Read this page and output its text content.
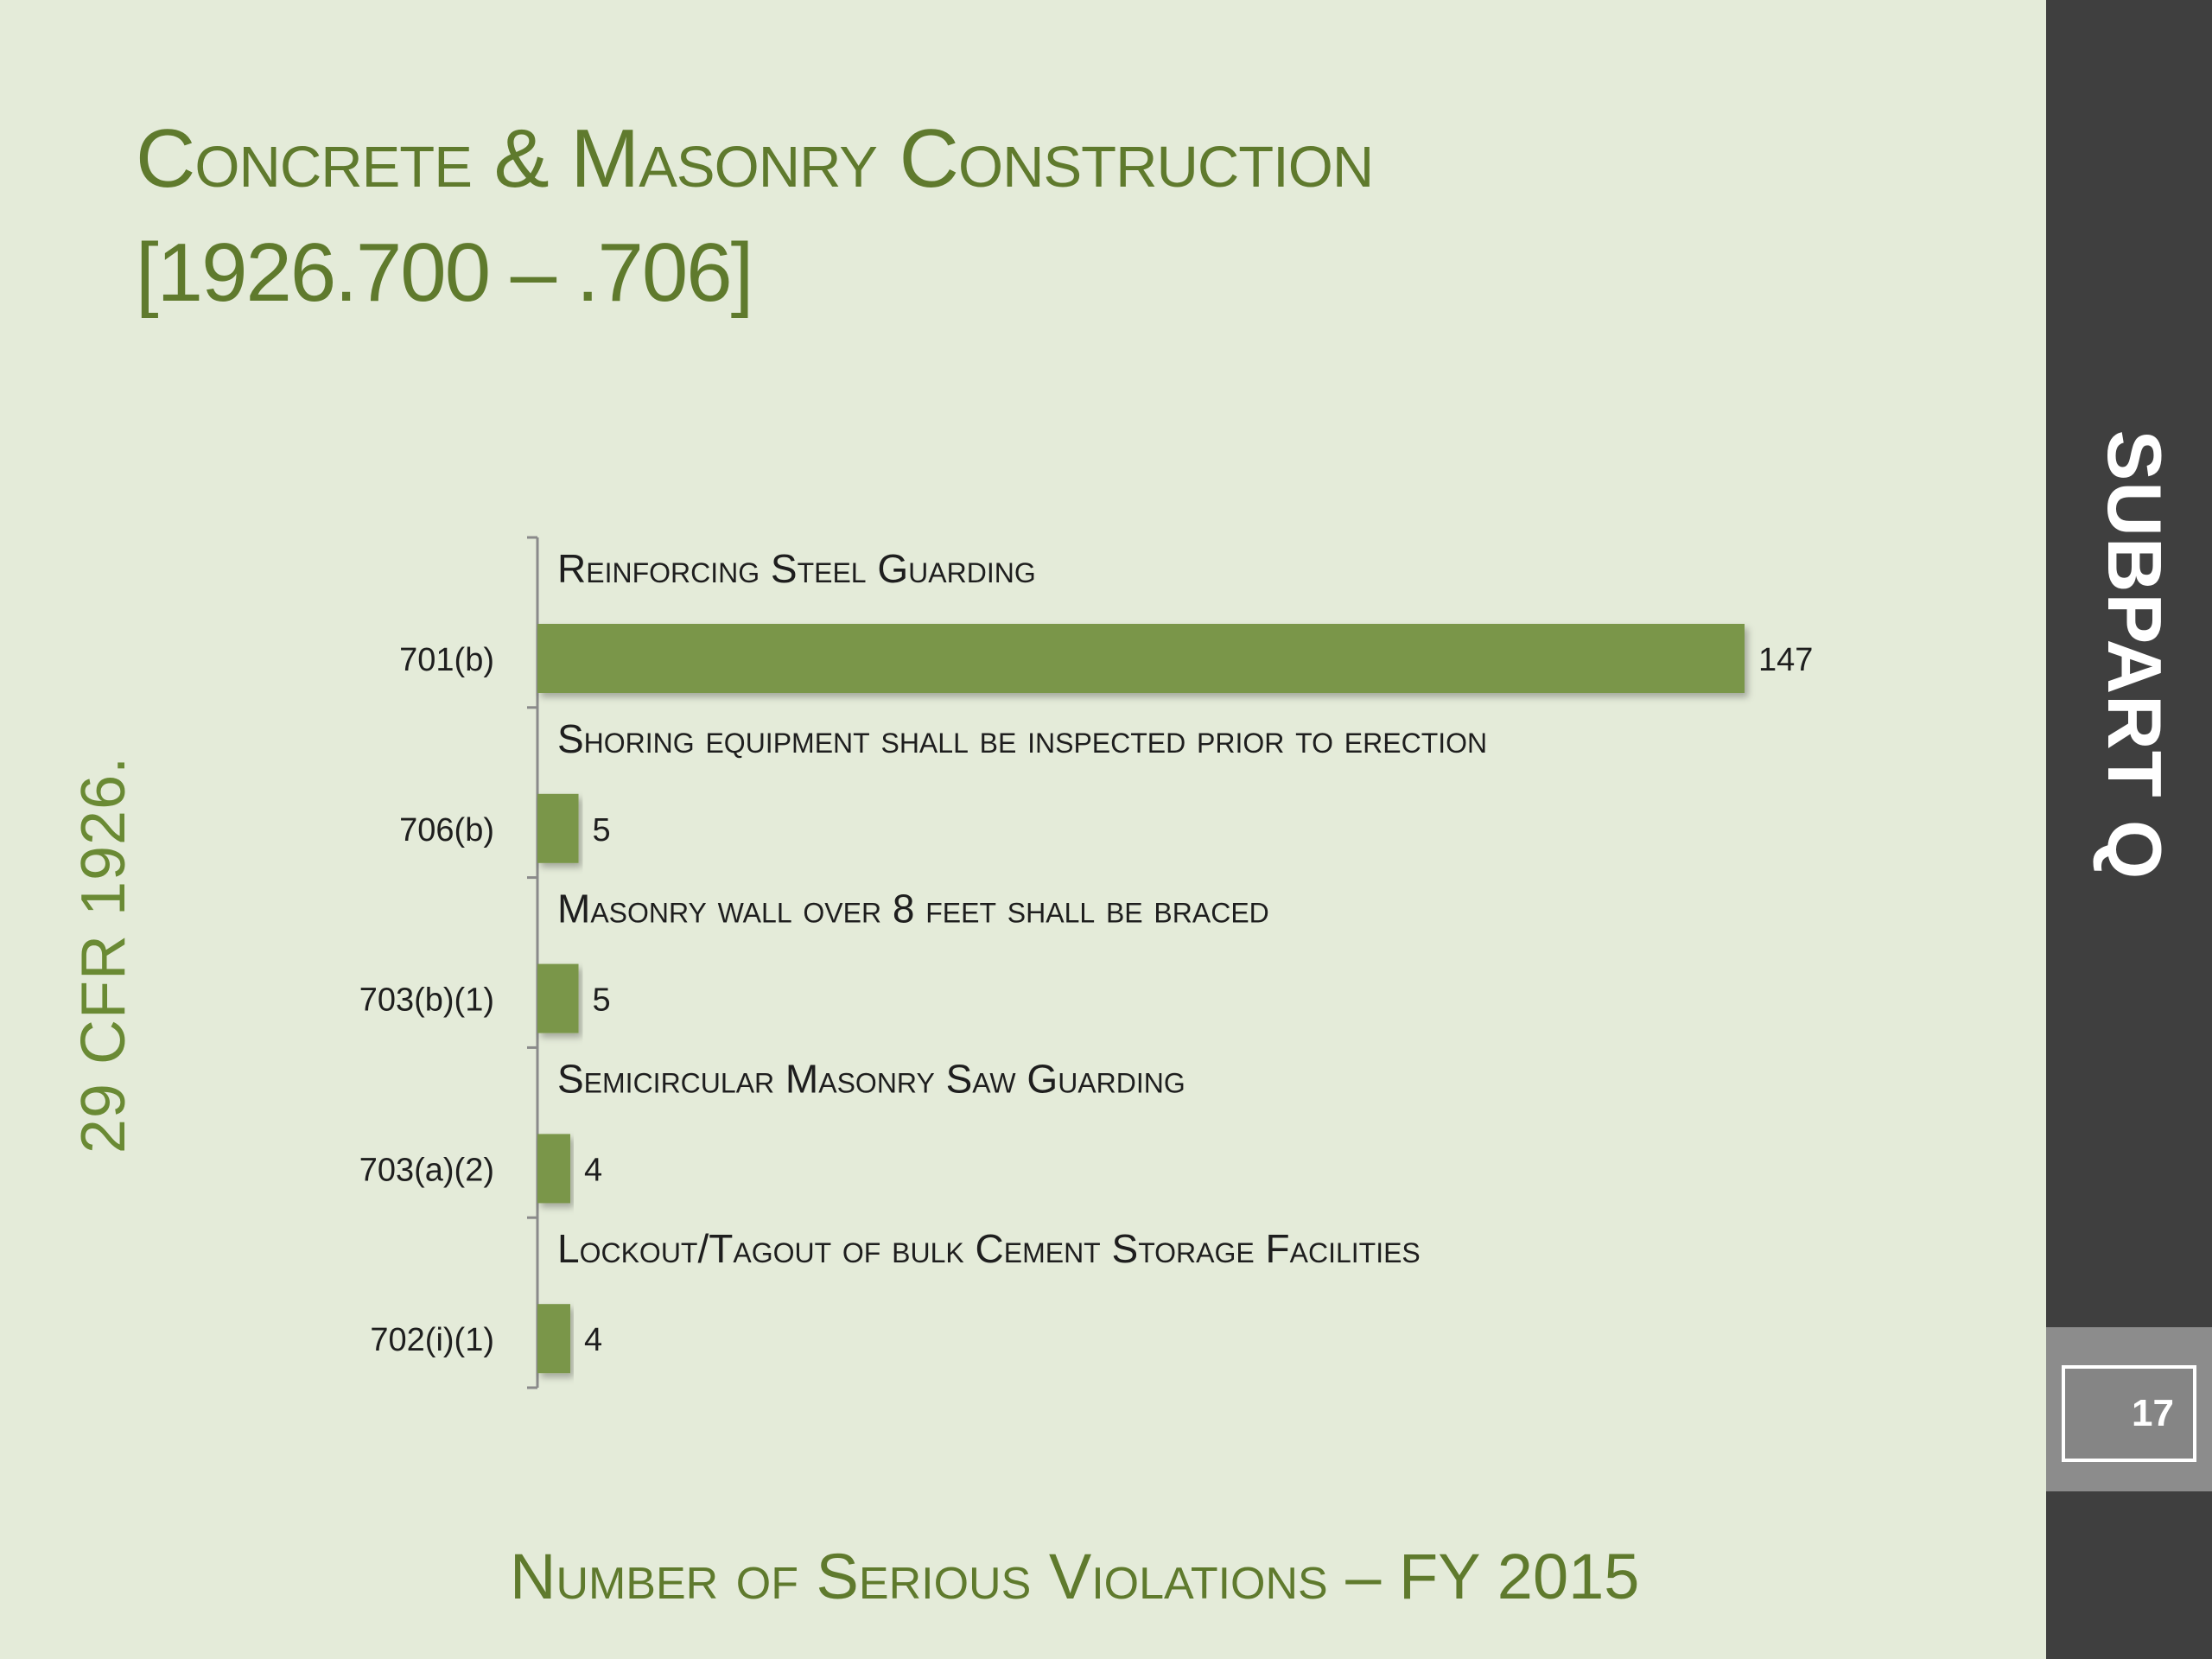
Concrete & Masonry Construction
[1926.700 – .706]
29 CFR 1926.
Reinforcing Steel Guarding
147
701(b)
Shoring equipment shall be inspected prior to erection
5
706(b)
Masonry wall over 8 feet shall be braced
5
703(b)(1)
Semicircular Masonry Saw Guarding
4
703(a)(2)
Lockout/Tagout of bulk Cement Storage Facilities
4
702(i)(1)
Number of Serious Violations – FY 2015
SUBPART Q
17
